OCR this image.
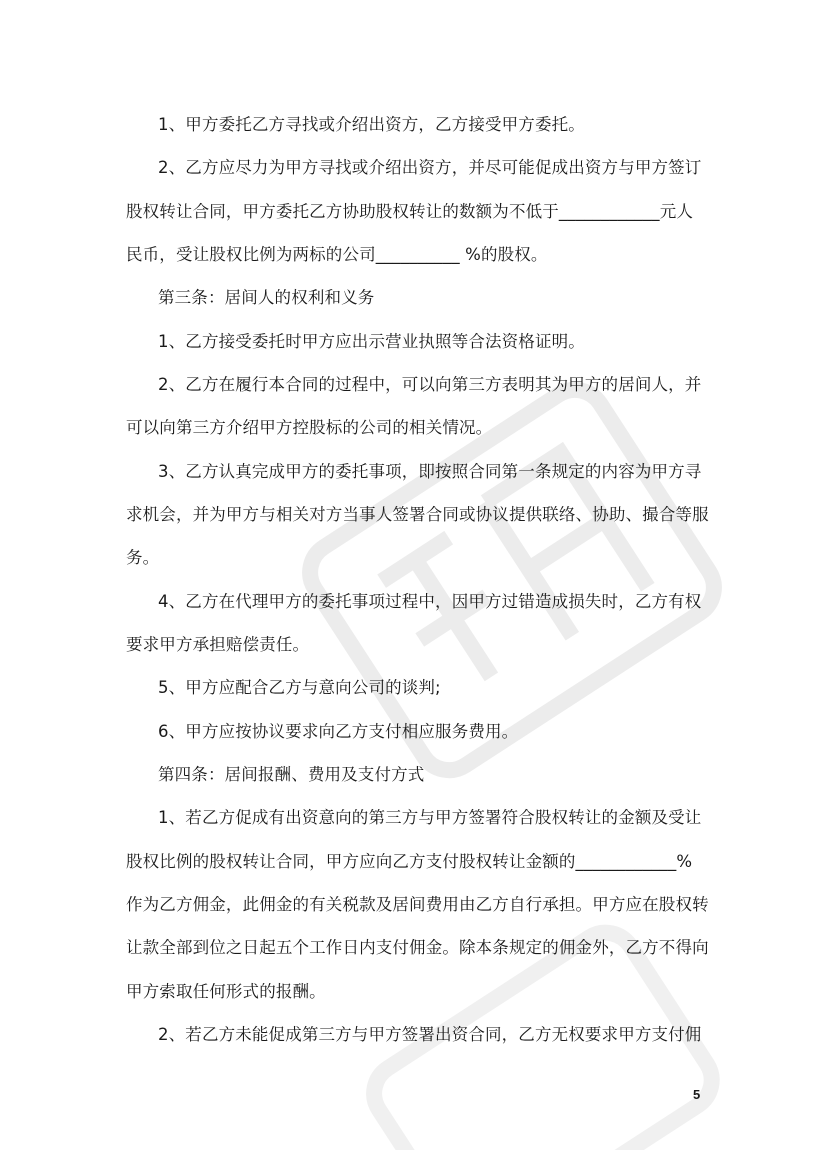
1、甲方委托乙方寻找或介绍出资方，乙方接受甲方委托。
2、乙方应尽力为甲方寻找或介绍出资方，并尽可能促成出资方与甲方签订
股权转让合同，甲方委托乙方协助股权转让的数额为不低于____________元人
民币，受让股权比例为两标的公司__________ %的股权。
第三条：居间人的权利和义务
1、乙方接受委托时甲方应出示营业执照等合法资格证明。
2、乙方在履行本合同的过程中，可以向第三方表明其为甲方的居间人，并
可以向第三方介绍甲方控股标的公司的相关情况。
3、乙方认真完成甲方的委托事项，即按照合同第一条规定的内容为甲方寻
求机会，并为甲方与相关对方当事人签署合同或协议提供联络、协助、撮合等服
务。
4、乙方在代理甲方的委托事项过程中，因甲方过错造成损失时，乙方有权
要求甲方承担赔偿责任。
5、甲方应配合乙方与意向公司的谈判;
6、甲方应按协议要求向乙方支付相应服务费用。
第四条：居间报酬、费用及支付方式
1、若乙方促成有出资意向的第三方与甲方签署符合股权转让的金额及受让
股权比例的股权转让合同，甲方应向乙方支付股权转让金额的____________%
作为乙方佣金，此佣金的有关税款及居间费用由乙方自行承担。甲方应在股权转
让款全部到位之日起五个工作日内支付佣金。除本条规定的佣金外，乙方不得向
甲方索取任何形式的报酬。
2、若乙方未能促成第三方与甲方签署出资合同，乙方无权要求甲方支付佣
5
